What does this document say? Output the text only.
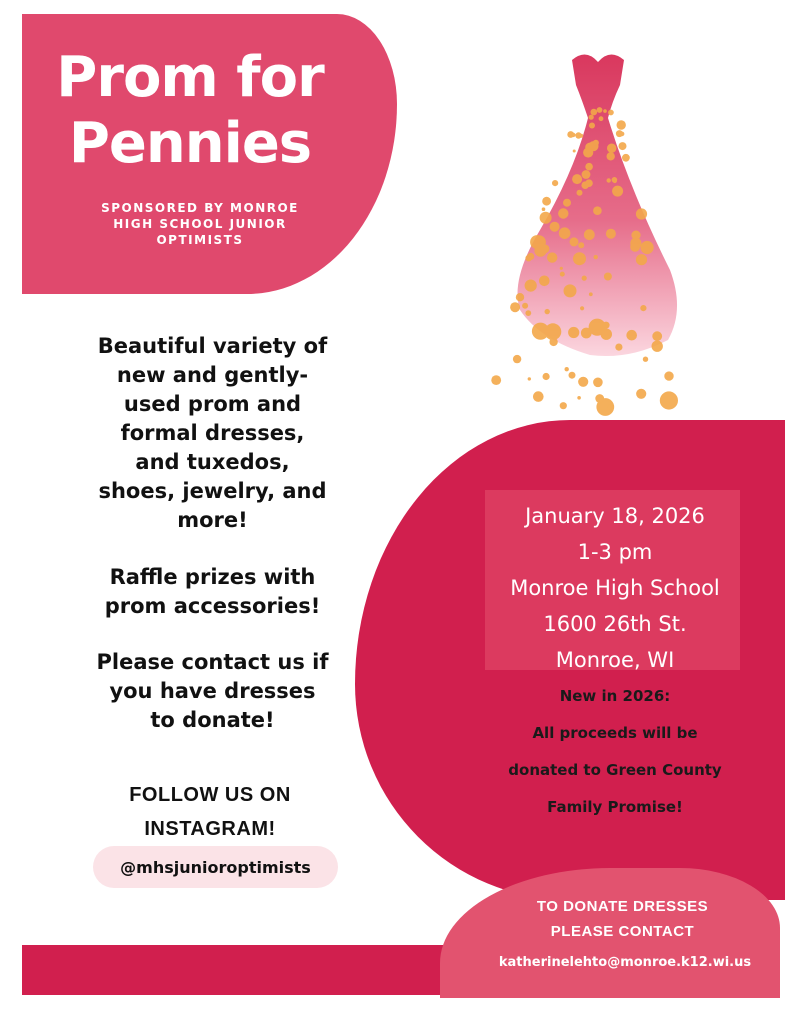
Prom for
Pennies
SPONSORED BY MONROE
HIGH SCHOOL JUNIOR
OPTIMISTS
Beautiful variety of
new and gently-
used prom and
formal dresses,
and tuxedos,
shoes, jewelry, and
more!
Raffle prizes with
prom accessories!
Please contact us if
you have dresses
to donate!
FOLLOW US ON
INSTAGRAM!
@mhsjunioroptimists
January 18, 2026
1-3 pm
Monroe High School
1600 26th St.
Monroe, WI
New in 2026:
All proceeds will be
donated to Green County
Family Promise!
TO DONATE DRESSES
PLEASE CONTACT
katherinelehto@monroe.k12.wi.us
